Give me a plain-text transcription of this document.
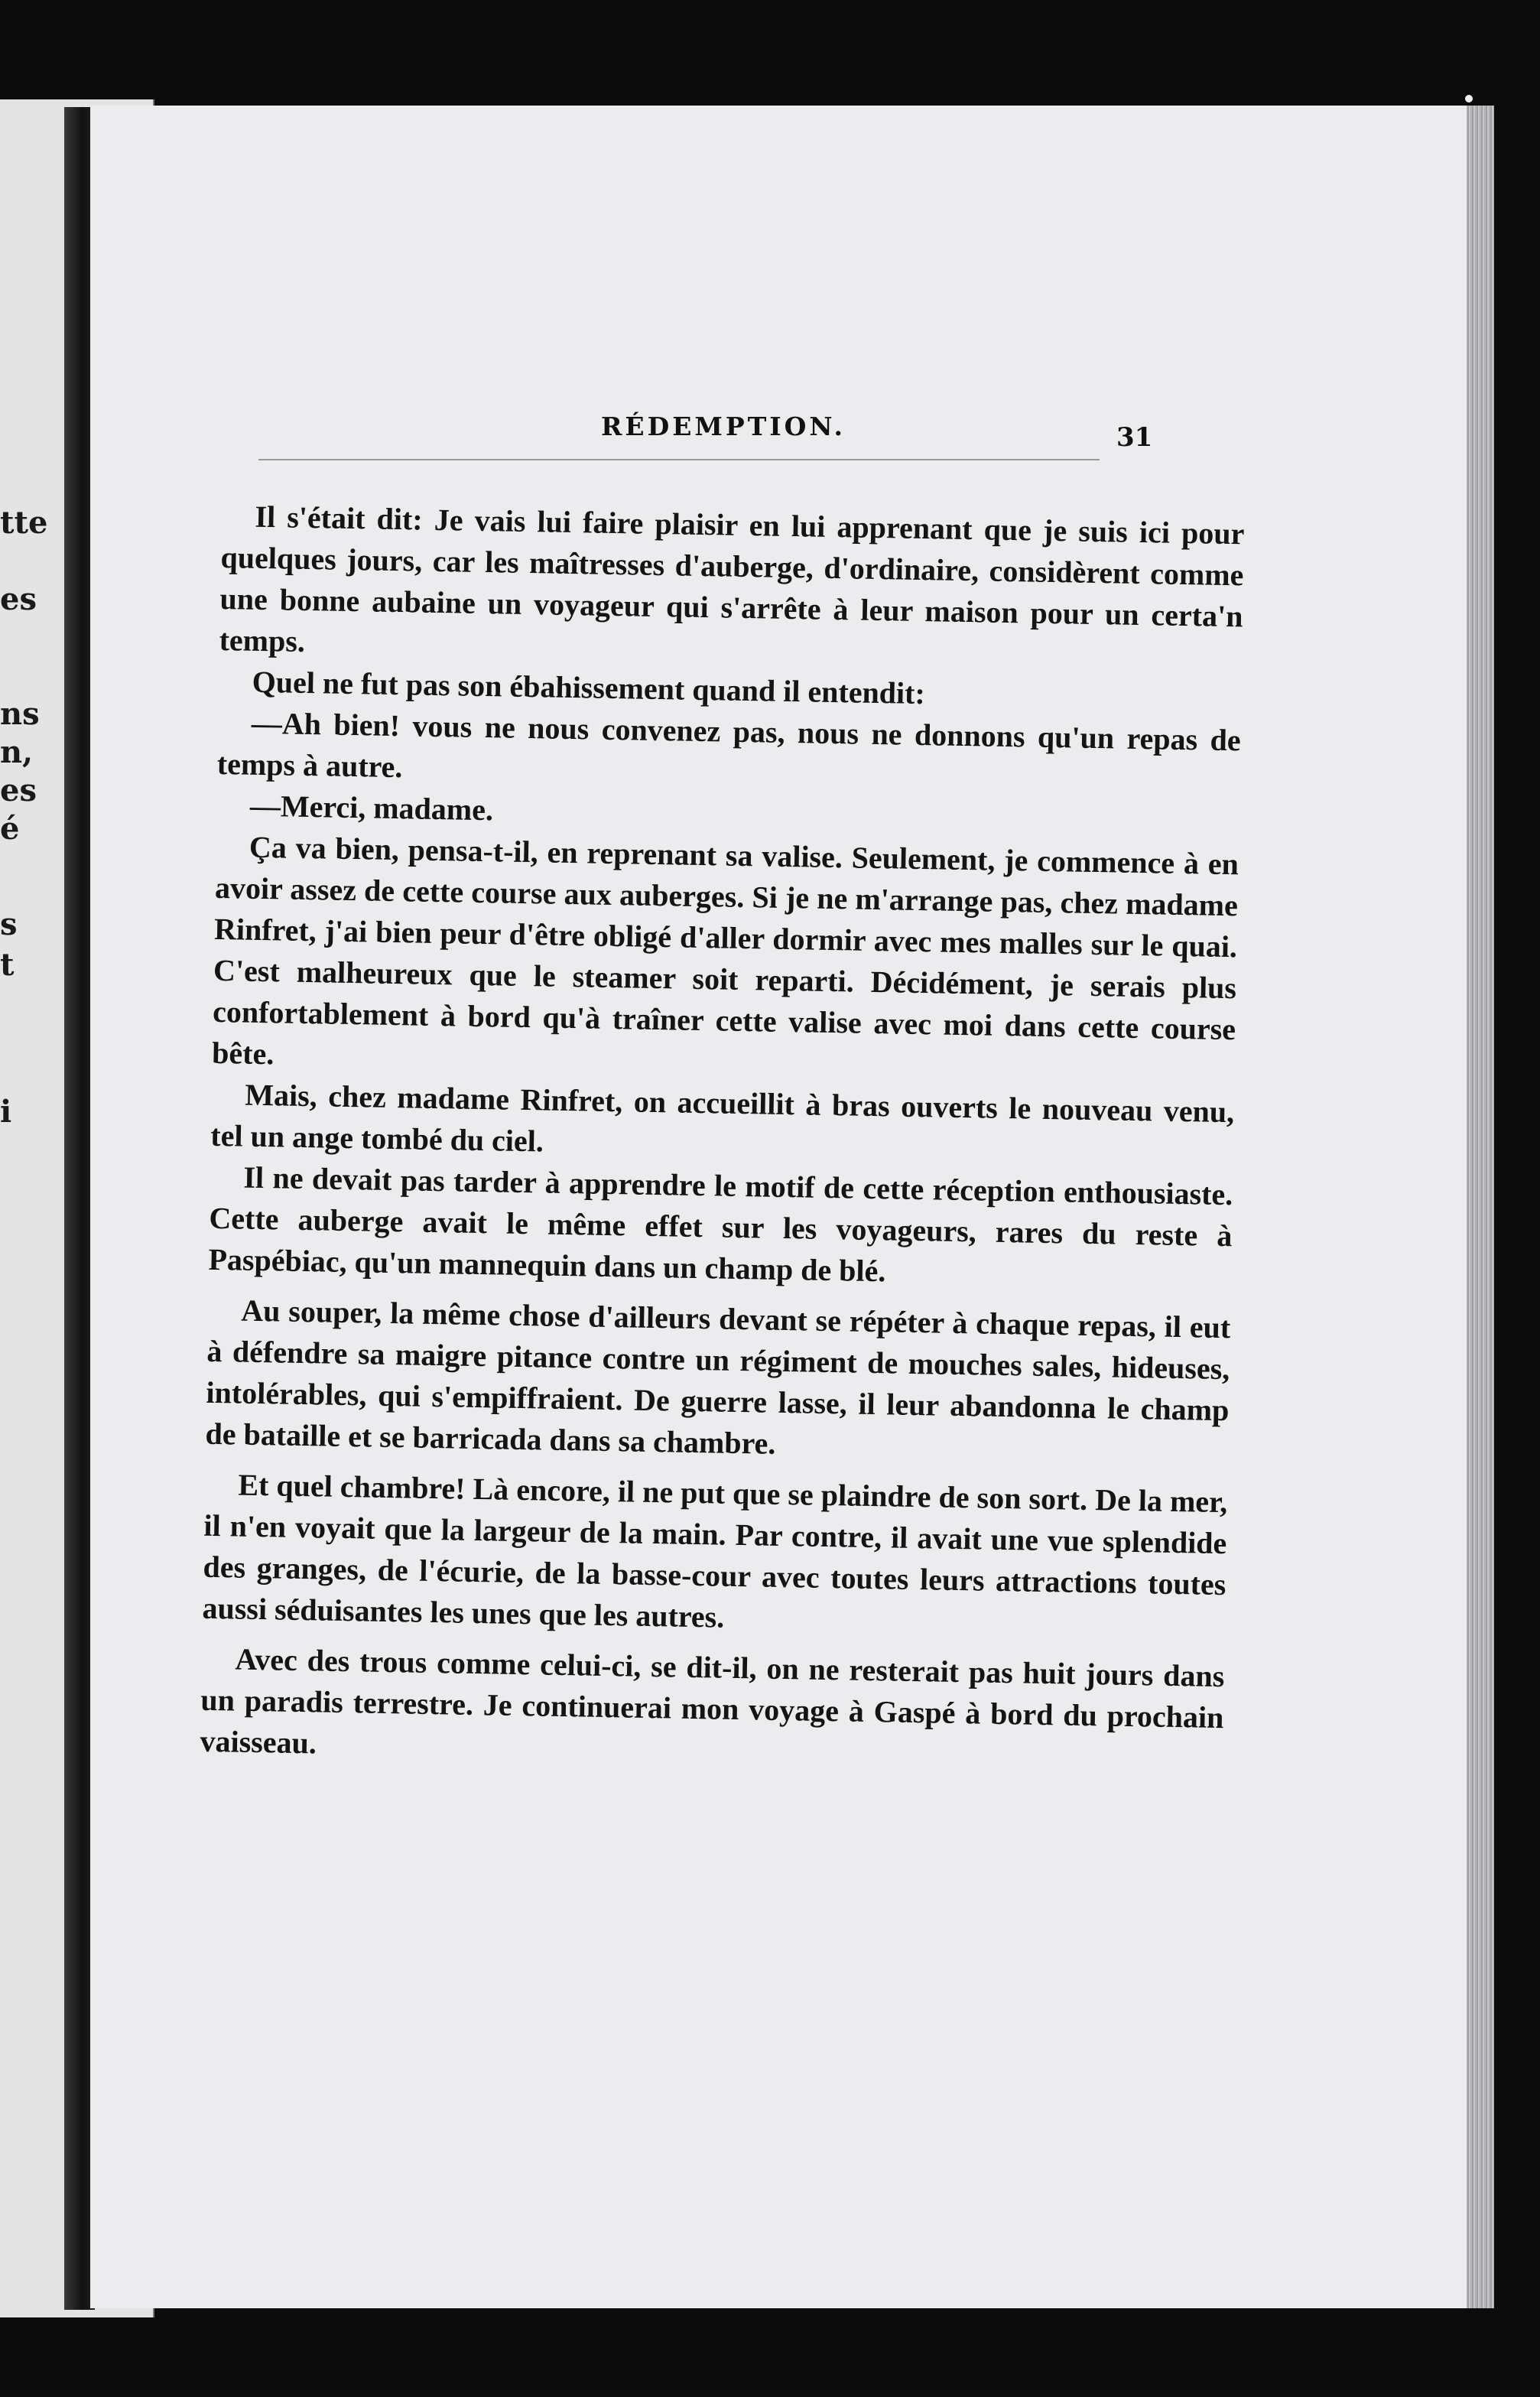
tte
es
ns
n,
es
é
s
t
i
RÉDEMPTION.	31

Il s'était dit: Je vais lui faire plaisir en lui apprenant que je suis ici pour quelques jours, car les maîtresses d'auberge, d'ordinaire, considèrent comme une bonne aubaine un voyageur qui s'arrête à leur maison pour un certa'n temps.

Quel ne fut pas son ébahissement quand il entendit:

—Ah bien! vous ne nous convenez pas, nous ne donnons qu'un repas de temps à autre.

—Merci, madame.

Ça va bien, pensa-t-il, en reprenant sa valise. Seulement, je commence à en avoir assez de cette course aux auberges. Si je ne m'arrange pas, chez madame Rinfret, j'ai bien peur d'être obligé d'aller dormir avec mes malles sur le quai. C'est malheureux que le steamer soit reparti. Décidément, je serais plus confortablement à bord qu'à traîner cette valise avec moi dans cette course bête.

Mais, chez madame Rinfret, on accueillit à bras ouverts le nouveau venu, tel un ange tombé du ciel.

Il ne devait pas tarder à apprendre le motif de cette réception enthousiaste. Cette auberge avait le même effet sur les voyageurs, rares du reste à Paspébiac, qu'un mannequin dans un champ de blé.

Au souper, la même chose d'ailleurs devant se répéter à chaque repas, il eut à défendre sa maigre pitance contre un régiment de mouches sales, hideuses, intolérables, qui s'empiffraient. De guerre lasse, il leur abandonna le champ de bataille et se barricada dans sa chambre.

Et quel chambre! Là encore, il ne put que se plaindre de son sort. De la mer, il n'en voyait que la largeur de la main. Par contre, il avait une vue splendide des granges, de l'écurie, de la basse-cour avec toutes leurs attractions toutes aussi séduisantes les unes que les autres.

Avec des trous comme celui-ci, se dit-il, on ne resterait pas huit jours dans un paradis terrestre. Je continuerai mon voyage à Gaspé à bord du prochain vaisseau.
